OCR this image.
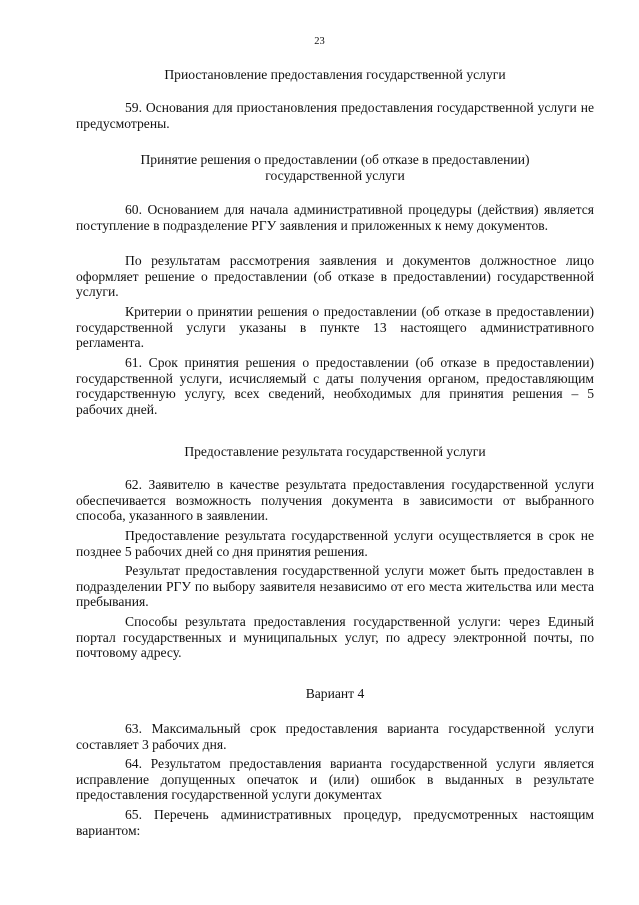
23
Приостановление предоставления государственной услуги
59. Основания для приостановления предоставления государственной услуги не предусмотрены.
Принятие решения о предоставлении (об отказе в предоставлении)
государственной услуги
60. Основанием для начала административной процедуры (действия) является поступление в подразделение РГУ заявления и приложенных к нему документов.
По результатам рассмотрения заявления и документов должностное лицо оформляет решение о предоставлении (об отказе в предоставлении) государственной услуги.
Критерии о принятии решения о предоставлении (об отказе в предоставлении) государственной услуги указаны в пункте 13 настоящего административного регламента.
61. Срок принятия решения о предоставлении (об отказе в предоставлении) государственной услуги, исчисляемый с даты получения органом, предоставляющим государственную услугу, всех сведений, необходимых для принятия решения – 5 рабочих дней.
Предоставление результата государственной услуги
62. Заявителю в качестве результата предоставления государственной услуги обеспечивается возможность получения документа в зависимости от выбранного способа, указанного в заявлении.
Предоставление результата государственной услуги осуществляется в срок не позднее 5 рабочих дней со дня принятия решения.
Результат предоставления государственной услуги может быть предоставлен в подразделении РГУ по выбору заявителя независимо от его места жительства или места пребывания.
Способы результата предоставления государственной услуги: через Единый портал государственных и муниципальных услуг, по адресу электронной почты, по почтовому адресу.
Вариант 4
63. Максимальный срок предоставления варианта государственной услуги составляет 3 рабочих дня.
64. Результатом предоставления варианта государственной услуги является исправление допущенных опечаток и (или) ошибок в выданных в результате предоставления государственной услуги документах
65. Перечень административных процедур, предусмотренных настоящим вариантом:
